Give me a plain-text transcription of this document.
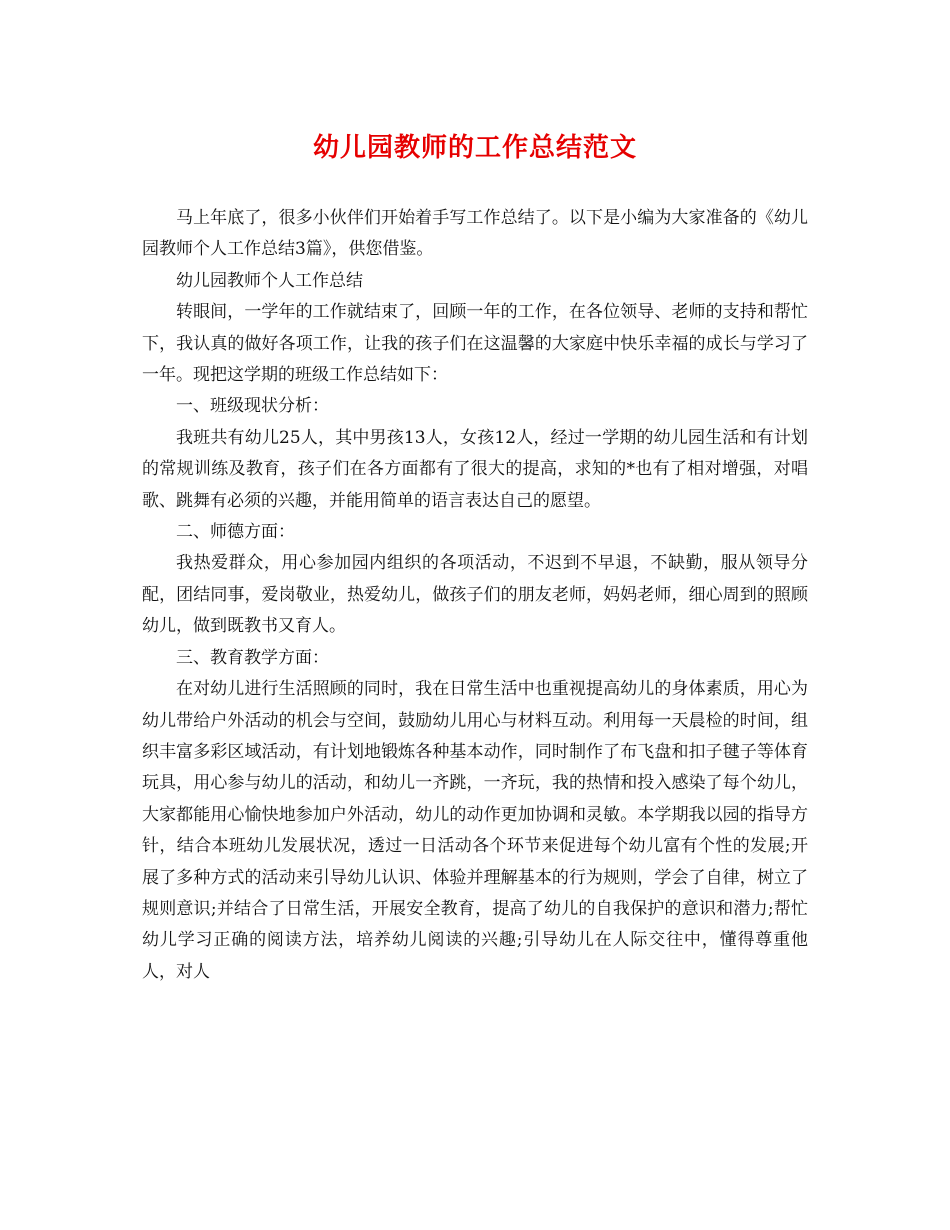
幼儿园教师的工作总结范文

马上年底了，很多小伙伴们开始着手写工作总结了。以下是小编为大家准备的《幼儿园教师个人工作总结3篇》，供您借鉴。

幼儿园教师个人工作总结

转眼间，一学年的工作就结束了，回顾一年的工作，在各位领导、老师的支持和帮忙下，我认真的做好各项工作，让我的孩子们在这温馨的大家庭中快乐幸福的成长与学习了一年。现把这学期的班级工作总结如下：

一、班级现状分析：

我班共有幼儿25人，其中男孩13人，女孩12人，经过一学期的幼儿园生活和有计划的常规训练及教育，孩子们在各方面都有了很大的提高，求知的*也有了相对增强，对唱歌、跳舞有必须的兴趣，并能用简单的语言表达自己的愿望。

二、师德方面：

我热爱群众，用心参加园内组织的各项活动，不迟到不早退，不缺勤，服从领导分配，团结同事，爱岗敬业，热爱幼儿，做孩子们的朋友老师，妈妈老师，细心周到的照顾幼儿，做到既教书又育人。

三、教育教学方面：

在对幼儿进行生活照顾的同时，我在日常生活中也重视提高幼儿的身体素质，用心为幼儿带给户外活动的机会与空间，鼓励幼儿用心与材料互动。利用每一天晨检的时间，组织丰富多彩区域活动，有计划地锻炼各种基本动作，同时制作了布飞盘和扣子毽子等体育玩具，用心参与幼儿的活动，和幼儿一齐跳，一齐玩，我的热情和投入感染了每个幼儿，大家都能用心愉快地参加户外活动，幼儿的动作更加协调和灵敏。本学期我以园的指导方针，结合本班幼儿发展状况，透过一日活动各个环节来促进每个幼儿富有个性的发展;开展了多种方式的活动来引导幼儿认识、体验并理解基本的行为规则，学会了自律，树立了规则意识;并结合了日常生活，开展安全教育，提高了幼儿的自我保护的意识和潜力;帮忙幼儿学习正确的阅读方法，培养幼儿阅读的兴趣;引导幼儿在人际交往中，懂得尊重他人，对人
